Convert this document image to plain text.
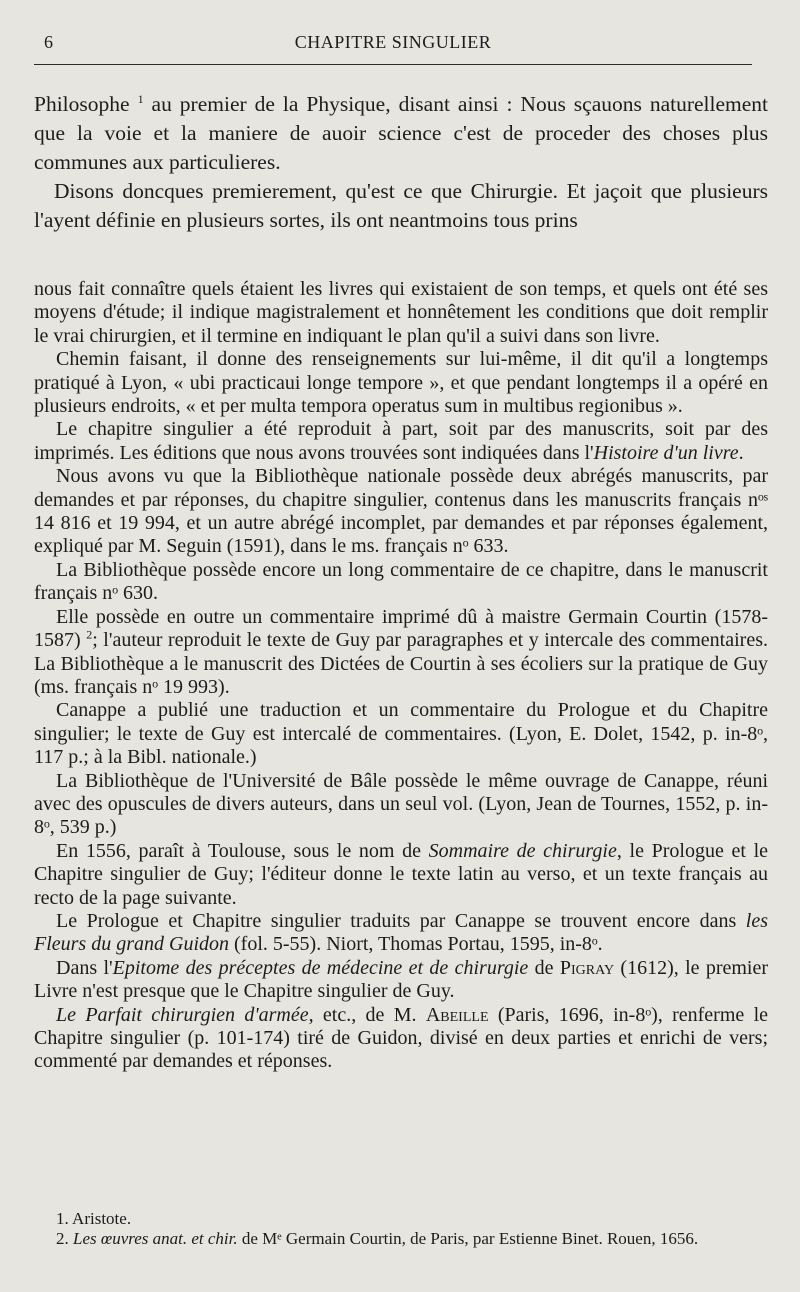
6	CHAPITRE SINGULIER

Philosophe $^1$ au premier de la Physique, disant ainsi : Nous sçauons naturellement que la voie et la maniere de auoir science c'est de proceder des choses plus communes aux particulieres.

Disons doncques premierement, qu'est ce que Chirurgie. Et jaçoit que plusieurs l'ayent définie en plusieurs sortes, ils ont neantmoins tous prins

nous fait connaître quels étaient les livres qui existaient de son temps, et quels ont été ses moyens d'étude; il indique magistralement et honnêtement les conditions que doit remplir le vrai chirurgien, et il termine en indiquant le plan qu'il a suivi dans son livre.

Chemin faisant, il donne des renseignements sur lui-même, il dit qu'il a longtemps pratiqué à Lyon, « ubi practicaui longe tempore », et que pendant longtemps il a opéré en plusieurs endroits, « et per multa tempora operatus sum in multibus regionibus ».

Le chapitre singulier a été reproduit à part, soit par des manuscrits, soit par des imprimés. Les éditions que nous avons trouvées sont indiquées dans l'Histoire d'un livre.

Nous avons vu que la Bibliothèque nationale possède deux abrégés manuscrits, par demandes et par réponses, du chapitre singulier, contenus dans les manuscrits français nᵒˢ 14 816 et 19 994, et un autre abrégé incomplet, par demandes et par réponses également, expliqué par M. Seguin (1591), dans le ms. français nᵒ 633.

La Bibliothèque possède encore un long commentaire de ce chapitre, dans le manuscrit français nᵒ 630.

Elle possède en outre un commentaire imprimé dû à maistre Germain Courtin (1578-1587) $^2$; l'auteur reproduit le texte de Guy par paragraphes et y intercale des commentaires. La Bibliothèque a le manuscrit des Dictées de Courtin à ses écoliers sur la pratique de Guy (ms. français nᵒ 19 993).

Canappe a publié une traduction et un commentaire du Prologue et du Chapitre singulier; le texte de Guy est intercalé de commentaires. (Lyon, E. Dolet, 1542, p. in-8ᵒ, 117 p.; à la Bibl. nationale.)

La Bibliothèque de l'Université de Bâle possède le même ouvrage de Canappe, réuni avec des opuscules de divers auteurs, dans un seul vol. (Lyon, Jean de Tournes, 1552, p. in-8ᵒ, 539 p.)

En 1556, paraît à Toulouse, sous le nom de Sommaire de chirurgie, le Prologue et le Chapitre singulier de Guy; l'éditeur donne le texte latin au verso, et un texte français au recto de la page suivante.

Le Prologue et Chapitre singulier traduits par Canappe se trouvent encore dans les Fleurs du grand Guidon (fol. 5-55). Niort, Thomas Portau, 1595, in-8ᵒ.

Dans l'Epitome des préceptes de médecine et de chirurgie de Pigray (1612), le premier Livre n'est presque que le Chapitre singulier de Guy.

Le Parfait chirurgien d'armée, etc., de M. Abeille (Paris, 1696, in-8ᵒ), renferme le Chapitre singulier (p. 101-174) tiré de Guidon, divisé en deux parties et enrichi de vers; commenté par demandes et réponses.

1. Aristote.

2. Les œuvres anat. et chir. de Mᵉ Germain Courtin, de Paris, par Estienne Binet. Rouen, 1656.
